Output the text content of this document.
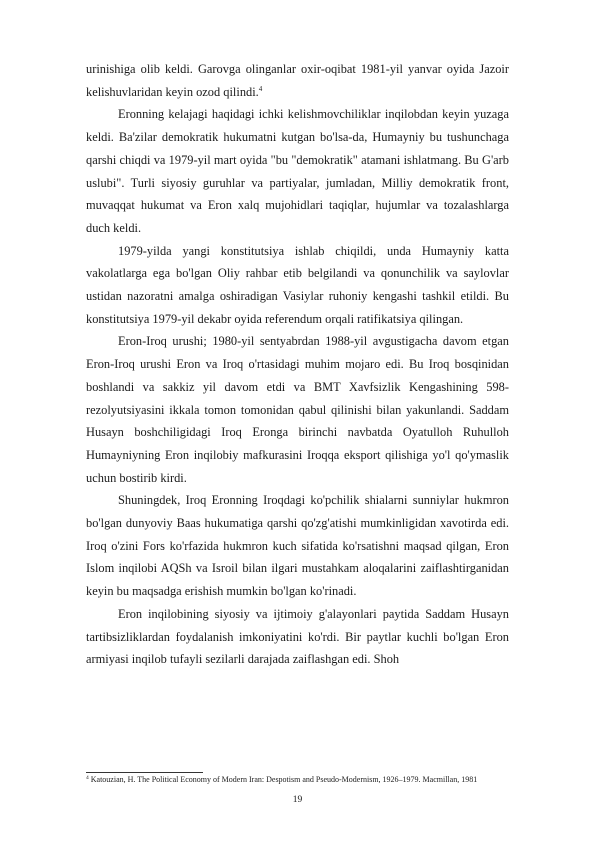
urinishiga olib keldi. Garovga olinganlar oxir-oqibat 1981-yil yanvar oyida Jazoir kelishuvlaridan keyin ozod qilindi.$^4$

Eronning kelajagi haqidagi ichki kelishmovchiliklar inqilobdan keyin yuzaga keldi. Ba'zilar demokratik hukumatni kutgan bo'lsa-da, Humayniy bu tushunchaga qarshi chiqdi va 1979-yil mart oyida "bu "demokratik" atamani ishlatmang. Bu G'arb uslubi". Turli siyosiy guruhlar va partiyalar, jumladan, Milliy demokratik front, muvaqqat hukumat va Eron xalq mujohidlari taqiqlar, hujumlar va tozalashlarga duch keldi.

1979-yilda yangi konstitutsiya ishlab chiqildi, unda Humayniy katta vakolatlarga ega bo'lgan Oliy rahbar etib belgilandi va qonunchilik va saylovlar ustidan nazoratni amalga oshiradigan Vasiylar ruhoniy kengashi tashkil etildi. Bu konstitutsiya 1979-yil dekabr oyida referendum orqali ratifikatsiya qilingan.

Eron-Iroq urushi; 1980-yil sentyabrdan 1988-yil avgustigacha davom etgan Eron-Iroq urushi Eron va Iroq o'rtasidagi muhim mojaro edi. Bu Iroq bosqinidan boshlandi va sakkiz yil davom etdi va BMT Xavfsizlik Kengashining 598-rezolyutsiyasini ikkala tomon tomonidan qabul qilinishi bilan yakunlandi. Saddam Husayn boshchiligidagi Iroq Eronga birinchi navbatda Oyatulloh Ruhulloh Humayniyning Eron inqilobiy mafkurasini Iroqqa eksport qilishiga yo'l qo'ymaslik uchun bostirib kirdi.

Shuningdek, Iroq Eronning Iroqdagi ko'pchilik shialarni sunniylar hukmron bo'lgan dunyoviy Baas hukumatiga qarshi qo'zg'atishi mumkinligidan xavotirda edi. Iroq o'zini Fors ko'rfazida hukmron kuch sifatida ko'rsatishni maqsad qilgan, Eron Islom inqilobi AQSh va Isroil bilan ilgari mustahkam aloqalarini zaiflashtirganidan keyin bu maqsadga erishish mumkin bo'lgan ko'rinadi.

Eron inqilobining siyosiy va ijtimoiy g'alayonlari paytida Saddam Husayn tartibsizliklardan foydalanish imkoniyatini ko'rdi. Bir paytlar kuchli bo'lgan Eron armiyasi inqilob tufayli sezilarli darajada zaiflashgan edi. Shoh

$^4$ Katouzian, H. The Political Economy of Modern Iran: Despotism and Pseudo-Modernism, 1926–1979. Macmillan, 1981
19
